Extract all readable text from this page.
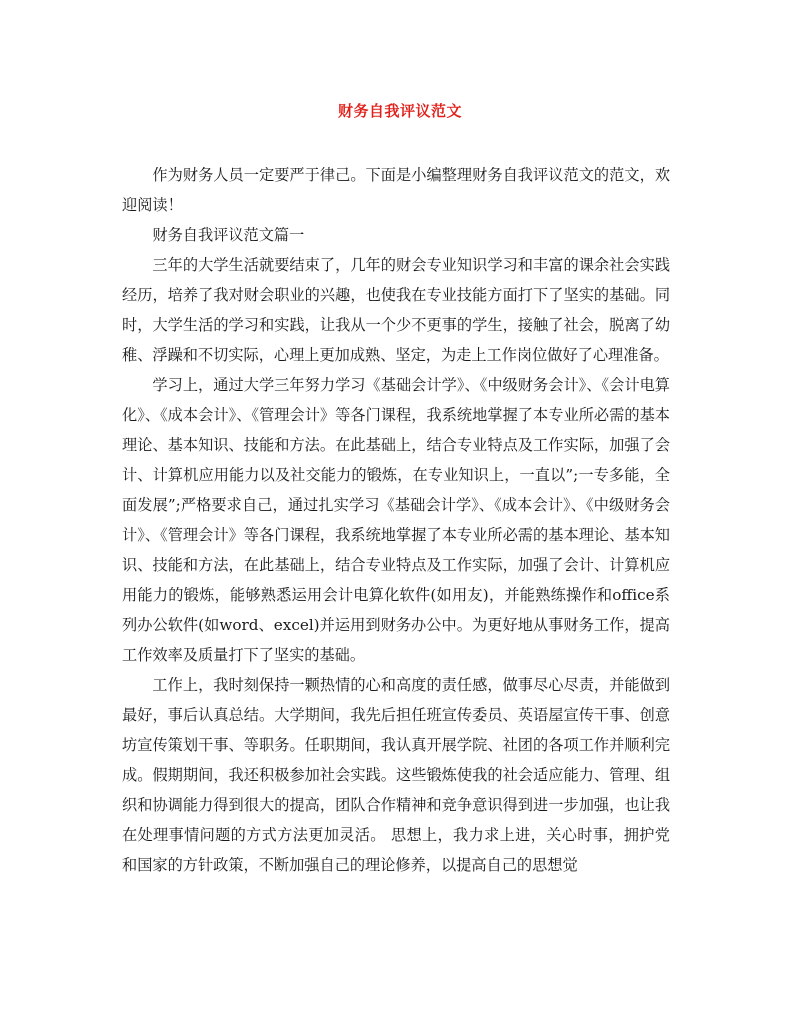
财务自我评议范文

作为财务人员一定要严于律己。下面是小编整理财务自我评议范文的范文，欢迎阅读！

财务自我评议范文篇一

三年的大学生活就要结束了，几年的财会专业知识学习和丰富的课余社会实践经历，培养了我对财会职业的兴趣，也使我在专业技能方面打下了坚实的基础。同时，大学生活的学习和实践，让我从一个少不更事的学生，接触了社会，脱离了幼稚、浮躁和不切实际，心理上更加成熟、坚定，为走上工作岗位做好了心理准备。

学习上，通过大学三年努力学习《基础会计学》、《中级财务会计》、《会计电算化》、《成本会计》、《管理会计》等各门课程，我系统地掌握了本专业所必需的基本理论、基本知识、技能和方法。在此基础上，结合专业特点及工作实际，加强了会计、计算机应用能力以及社交能力的锻炼，在专业知识上，一直以”;一专多能，全面发展”;严格要求自己，通过扎实学习《基础会计学》、《成本会计》、《中级财务会计》、《管理会计》等各门课程，我系统地掌握了本专业所必需的基本理论、基本知识、技能和方法，在此基础上，结合专业特点及工作实际，加强了会计、计算机应用能力的锻炼，能够熟悉运用会计电算化软件(如用友)，并能熟练操作和office系列办公软件(如word、excel)并运用到财务办公中。为更好地从事财务工作，提高工作效率及质量打下了坚实的基础。

工作上，我时刻保持一颗热情的心和高度的责任感，做事尽心尽责，并能做到最好，事后认真总结。大学期间，我先后担任班宣传委员、英语屋宣传干事、创意坊宣传策划干事、等职务。任职期间，我认真开展学院、社团的各项工作并顺利完成。假期期间，我还积极参加社会实践。这些锻炼使我的社会适应能力、管理、组织和协调能力得到很大的提高，团队合作精神和竞争意识得到进一步加强，也让我在处理事情问题的方式方法更加灵活。 思想上，我力求上进，关心时事，拥护党和国家的方针政策，不断加强自己的理论修养，以提高自己的思想觉
